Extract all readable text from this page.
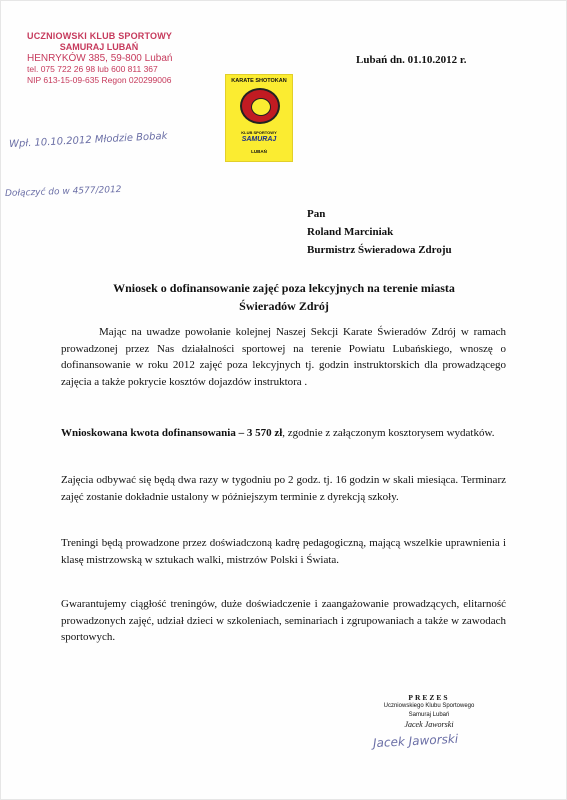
UCZNIOWSKI KLUB SPORTOWY
SAMURAJ LUBAŃ
HENRYKÓW 385, 59-800 Lubań
tel. 075 722 26 98 lub 600 811 367
NIP 613-15-09-635 Regon 020299006	KARATE SHOTOKAN
KLUB SPORTOWY
SAMURAJ
LUBAŃ
Lubań dn. 01.10.2012 r.
Wpł. 10.10.2012 Młodzie Bobak
Dołączyć do w 4577/2012
Pan
Roland Marciniak
Burmistrz Świeradowa Zdroju
Wniosek o dofinansowanie zajęć poza lekcyjnych na terenie miasta
Świeradów Zdrój
Mając na uwadze powołanie kolejnej Naszej Sekcji Karate Świeradów Zdrój w ramach prowadzonej przez Nas działalności sportowej na terenie Powiatu Lubańskiego, wnoszę o dofinansowanie w roku 2012 zajęć poza lekcyjnych tj. godzin instruktorskich dla prowadzącego zajęcia a także pokrycie kosztów dojazdów instruktora .
Wnioskowana kwota dofinansowania – 3 570 zł, zgodnie z załączonym kosztorysem wydatków.
Zajęcia odbywać się będą dwa razy w tygodniu po 2 godz. tj. 16 godzin w skali miesiąca. Terminarz zajęć zostanie dokładnie ustalony w późniejszym terminie z dyrekcją szkoły.
Treningi będą prowadzone przez doświadczoną kadrę pedagogiczną, mającą wszelkie uprawnienia i klasę mistrzowską w sztukach walki, mistrzów Polski i Świata.
Gwarantujemy ciągłość treningów, duże doświadczenie i zaangażowanie prowadzących, elitarność prowadzonych zajęć, udział dzieci w szkoleniach, seminariach i zgrupowaniach a także w zawodach sportowych.
PREZES
Uczniowskiego Klubu Sportowego
Samuraj Lubań
Jacek Jaworski
Jacek Jaworski
